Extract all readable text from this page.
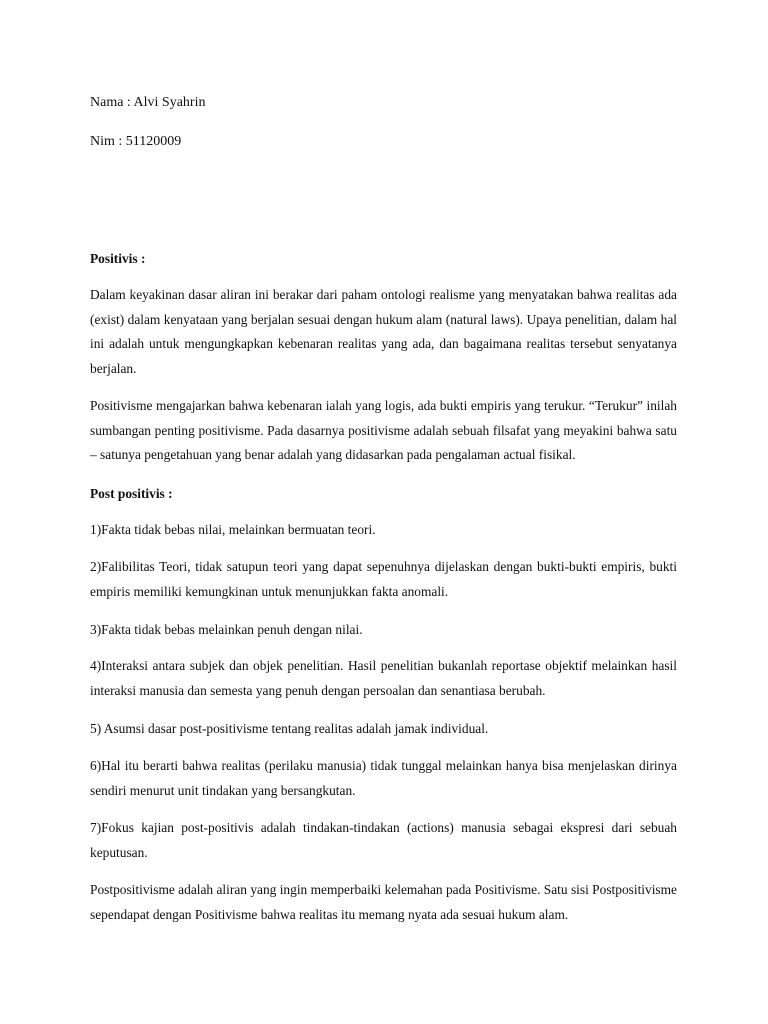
Nama : Alvi Syahrin

Nim : 51120009

Positivis :

Dalam keyakinan dasar aliran ini berakar dari paham ontologi realisme yang menyatakan bahwa realitas ada (exist) dalam kenyataan yang berjalan sesuai dengan hukum alam (natural laws). Upaya penelitian, dalam hal ini adalah untuk mengungkapkan kebenaran realitas yang ada, dan bagaimana realitas tersebut senyatanya berjalan.

Positivisme mengajarkan bahwa kebenaran ialah yang logis, ada bukti empiris yang terukur. “Terukur” inilah sumbangan penting positivisme. Pada dasarnya positivisme adalah sebuah filsafat yang meyakini bahwa satu – satunya pengetahuan yang benar adalah yang didasarkan pada pengalaman actual fisikal.

Post positivis :

1)Fakta tidak bebas nilai, melainkan bermuatan teori.

2)Falibilitas Teori, tidak satupun teori yang dapat sepenuhnya dijelaskan dengan bukti-bukti empiris, bukti empiris memiliki kemungkinan untuk menunjukkan fakta anomali.

3)Fakta tidak bebas melainkan penuh dengan nilai.

4)Interaksi antara subjek dan objek penelitian. Hasil penelitian bukanlah reportase objektif melainkan hasil interaksi manusia dan semesta yang penuh dengan persoalan dan senantiasa berubah.

5) Asumsi dasar post-positivisme tentang realitas adalah jamak individual.

6)Hal itu berarti bahwa realitas (perilaku manusia) tidak tunggal melainkan hanya bisa menjelaskan dirinya sendiri menurut unit tindakan yang bersangkutan.

7)Fokus kajian post-positivis adalah tindakan-tindakan (actions) manusia sebagai ekspresi dari sebuah keputusan.

Postpositivisme adalah aliran yang ingin memperbaiki kelemahan pada Positivisme. Satu sisi Postpositivisme sependapat dengan Positivisme bahwa realitas itu memang nyata ada sesuai hukum alam.
